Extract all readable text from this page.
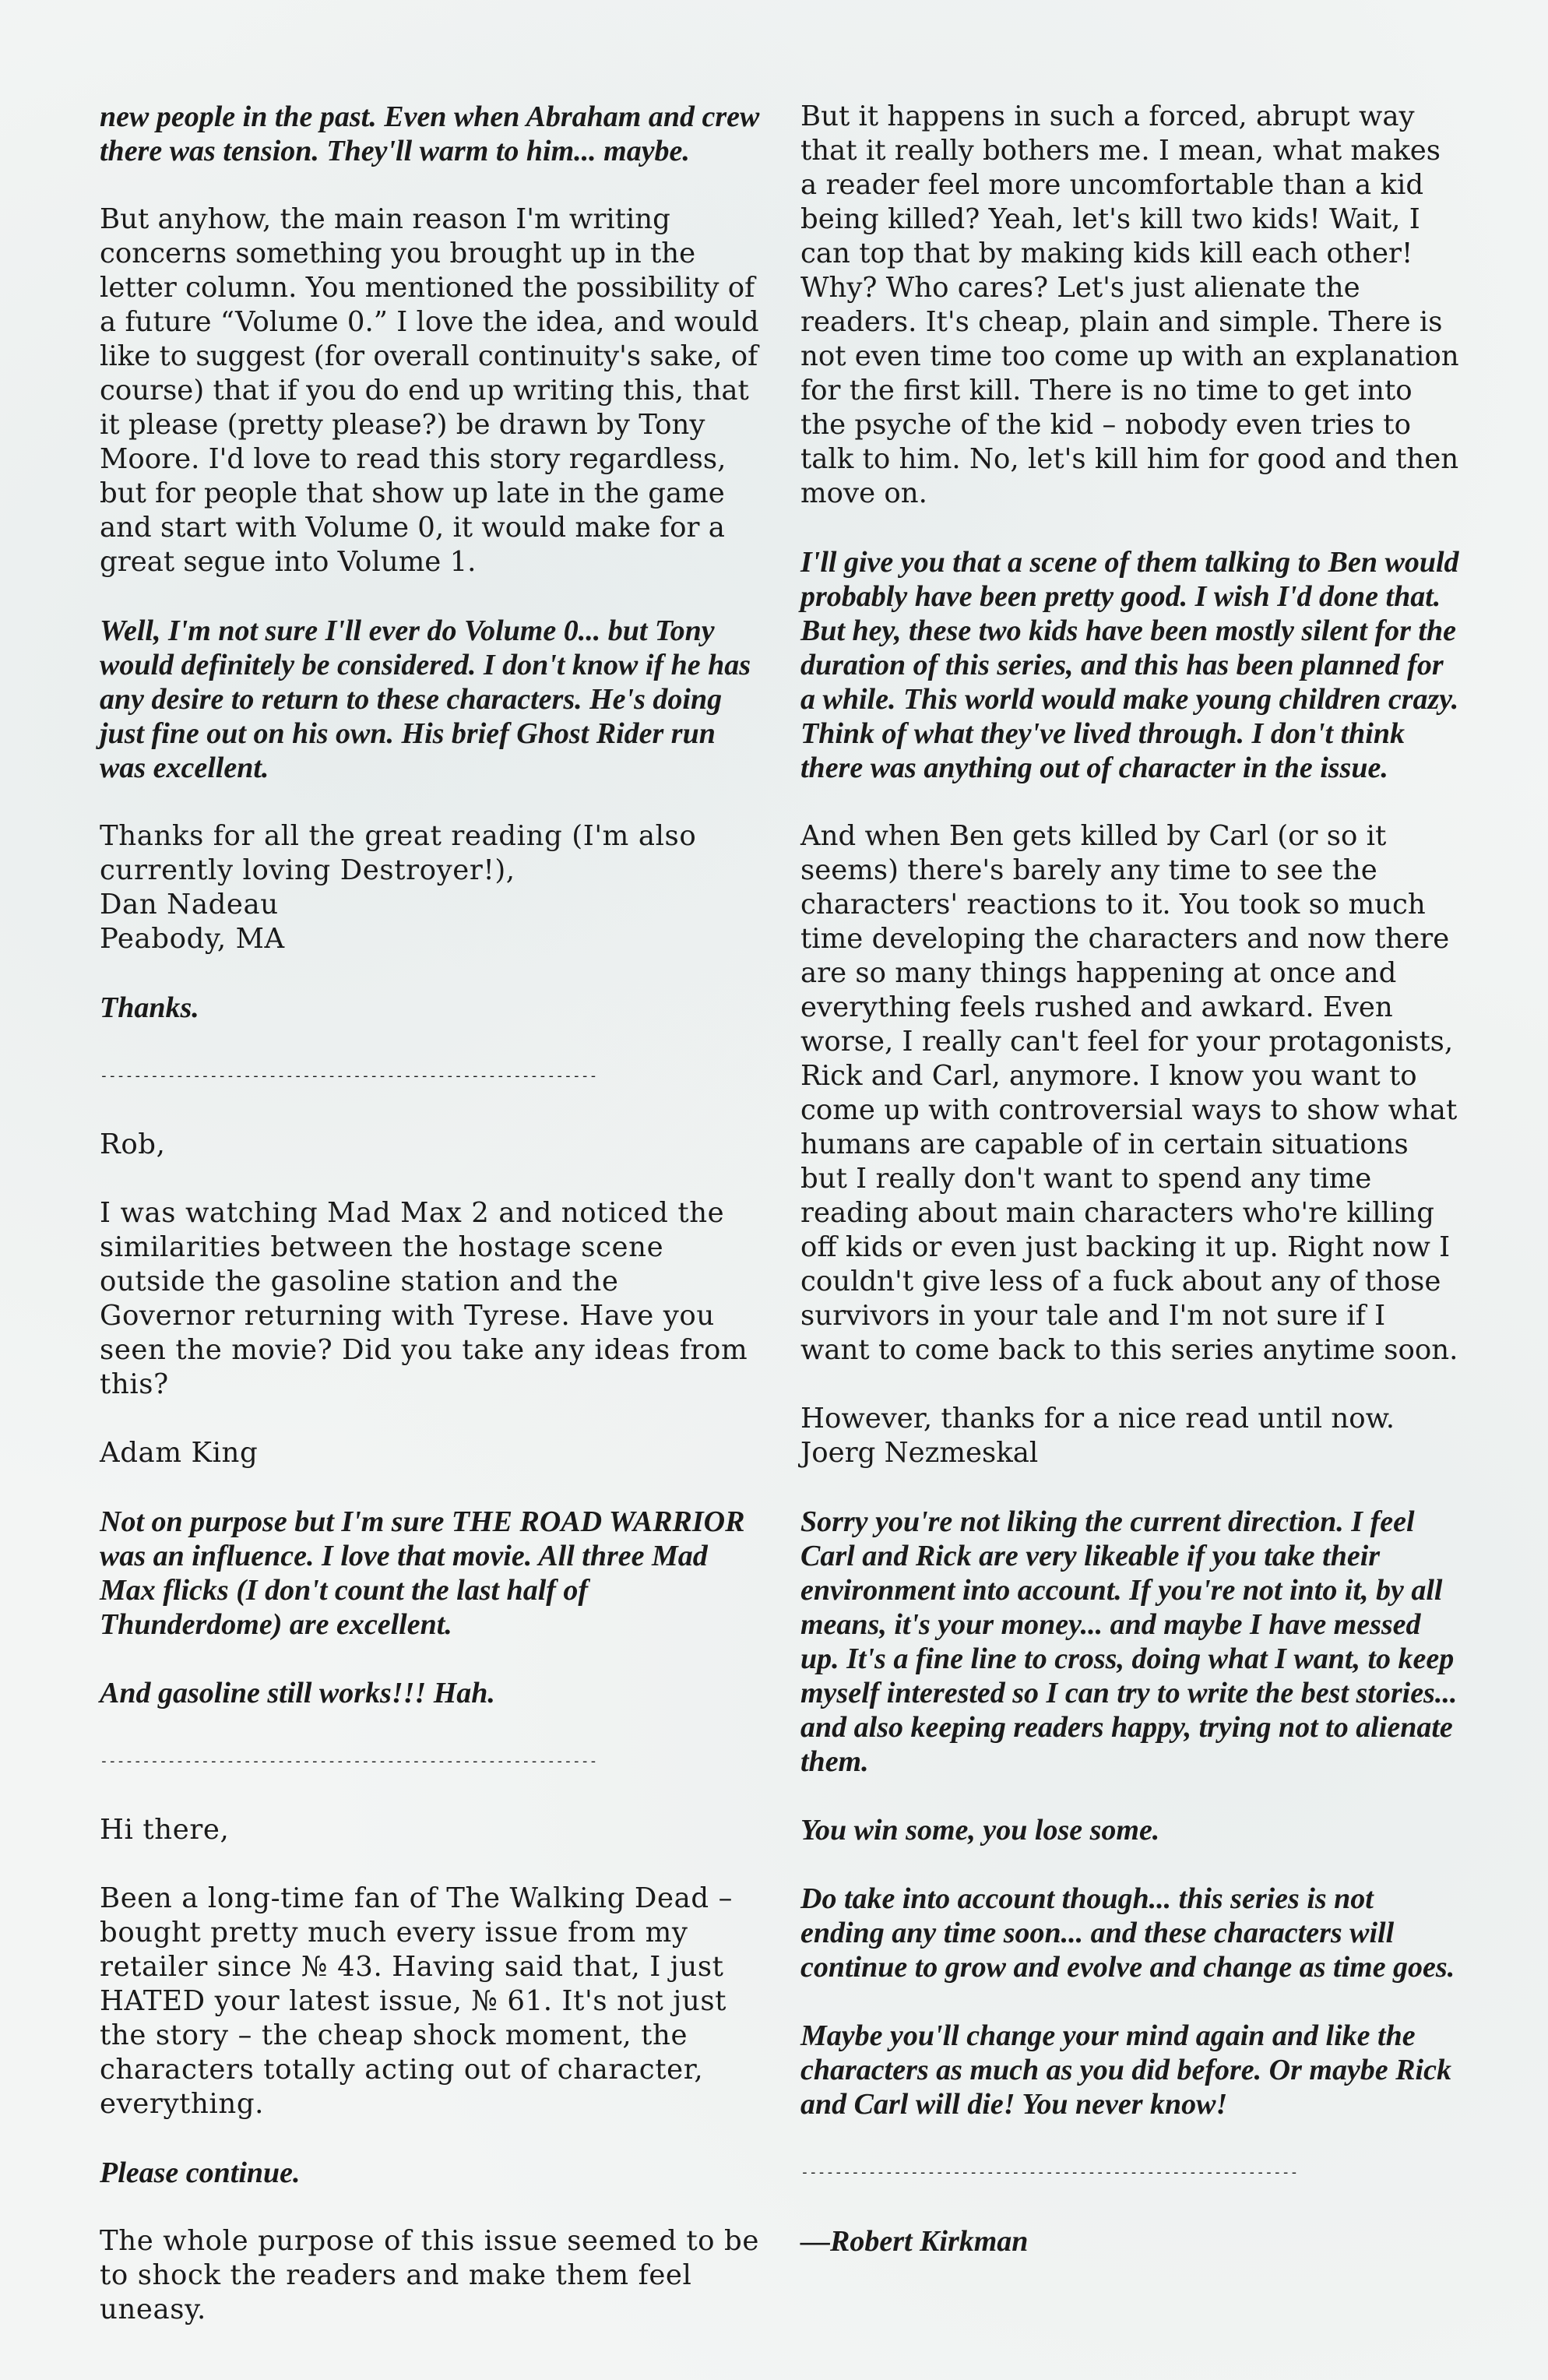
new people in the past. Even when Abraham and crew there was tension. They'll warm to him... maybe.

But anyhow, the main reason I'm writing concerns something you brought up in the letter column. You mentioned the possibility of a future “Volume 0.” I love the idea, and would like to suggest (for overall continuity's sake, of course) that if you do end up writing this, that it please (pretty please?) be drawn by Tony Moore. I'd love to read this story regardless, but for people that show up late in the game and start with Volume 0, it would make for a great segue into Volume 1.

Well, I'm not sure I'll ever do Volume 0... but Tony would definitely be considered. I don't know if he has any desire to return to these characters. He's doing just fine out on his own. His brief Ghost Rider run was excellent.

Thanks for all the great reading (I'm also
currently loving Destroyer!),
Dan Nadeau
Peabody, MA

Thanks.

-----------------------------------------------------------

Rob,

I was watching Mad Max 2 and noticed the similarities between the hostage scene outside the gasoline station and the Governor returning with Tyrese. Have you seen the movie? Did you take any ideas from this?

Adam King

Not on purpose but I'm sure THE ROAD WARRIOR was an influence. I love that movie. All three Mad Max flicks (I don't count the last half of Thunderdome) are excellent.

And gasoline still works!!! Hah.

-----------------------------------------------------------

Hi there,

Been a long-time fan of The Walking Dead – bought pretty much every issue from my retailer since № 43. Having said that, I just HATED your latest issue, № 61. It's not just the story – the cheap shock moment, the characters totally acting out of character, everything.

Please continue.

The whole purpose of this issue seemed to be to shock the readers and make them feel uneasy.

But it happens in such a forced, abrupt way that it really bothers me. I mean, what makes a reader feel more uncomfortable than a kid being killed? Yeah, let's kill two kids! Wait, I can top that by making kids kill each other! Why? Who cares? Let's just alienate the readers. It's cheap, plain and simple. There is not even time too come up with an explanation for the first kill. There is no time to get into the psyche of the kid – nobody even tries to talk to him. No, let's kill him for good and then move on.

I'll give you that a scene of them talking to Ben would probably have been pretty good. I wish I'd done that. But hey, these two kids have been mostly silent for the duration of this series, and this has been planned for a while. This world would make young children crazy. Think of what they've lived through. I don't think there was anything out of character in the issue.

And when Ben gets killed by Carl (or so it seems) there's barely any time to see the characters' reactions to it. You took so much time developing the characters and now there are so many things happening at once and everything feels rushed and awkard. Even worse, I really can't feel for your protagonists, Rick and Carl, anymore. I know you want to come up with controversial ways to show what humans are capable of in certain situations but I really don't want to spend any time reading about main characters who're killing off kids or even just backing it up. Right now I couldn't give less of a fuck about any of those survivors in your tale and I'm not sure if I want to come back to this series anytime soon.

However, thanks for a nice read until now.
Joerg Nezmeskal

Sorry you're not liking the current direction. I feel Carl and Rick are very likeable if you take their environment into account. If you're not into it, by all means, it's your money... and maybe I have messed up. It's a fine line to cross, doing what I want, to keep myself interested so I can try to write the best stories... and also keeping readers happy, trying not to alienate them.

You win some, you lose some.

Do take into account though... this series is not ending any time soon... and these characters will continue to grow and evolve and change as time goes.

Maybe you'll change your mind again and like the characters as much as you did before. Or maybe Rick and Carl will die! You never know!

-----------------------------------------------------------

—Robert Kirkman
